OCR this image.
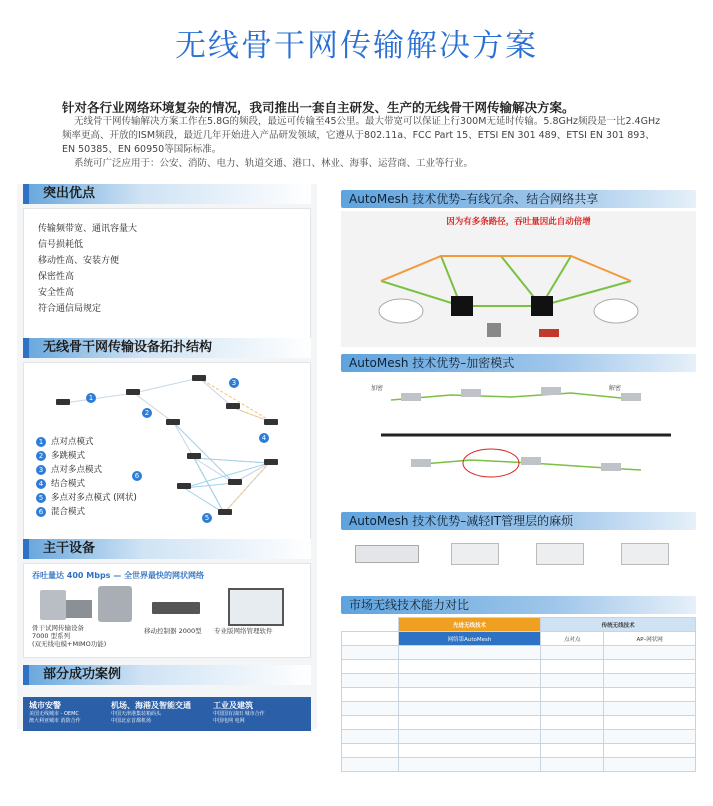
无线骨干网传输解决方案
针对各行业网络环境复杂的情况，我司推出一套自主研发、生产的无线骨干网传输解决方案。

无线骨干网传输解决方案工作在5.8G的频段，最远可传输至45公里。最大带宽可以保证上行300M无延时传输。5.8GHz频段是一比2.4GHz频率更高、开放的ISM频段，最近几年开始进入产品研发领域，它遵从于802.11a、FCC Part 15、ETSI EN 301 489、ETSI EN 301 893、EN 50385、EN 60950等国际标准。

系统可广泛应用于：公安、消防、电力、轨道交通、港口、林业、海事、运营商、工业等行业。

突出优点
传输频带宽、通讯容量大
信号损耗低
移动性高、安装方便
保密性高
安全性高
符合通信局规定
无线骨干网传输设备拓扑结构
1
2
3
4
5
6
1 点对点模式
2 多跳模式
3 点对多点模式
4 结合模式
5 多点对多点模式 (网状)
6 混合模式
主干设备
吞吐量达 400 Mbps — 全世界最快的网状网络
骨干试网传输设备
7000 型系列
(双无线电模+MIMO功能)
移动控制器 2000型 专业版网络管理软件
部分成功案例
城市安警
美国无线城市 - OEMC
澳大利亚城市 消防合作
机场、海港及智能交通
中国天津港集装箱码头
中国北京首都机场
工业及建筑
中国国有油田 城市合作
中国电网 电网
AutoMesh 技术优势–有线冗余、结合网络共享
因为有多条路径，吞吐量因此自动倍增
AutoMesh 技术优势–加密模式
加密	解密
AutoMesh 技术优势–减轻IT管理层的麻烦
市场无线技术能力对比
	先进无线技术	传统无线技术	
	网络第AutoMesh	点对点	AP–网状网
